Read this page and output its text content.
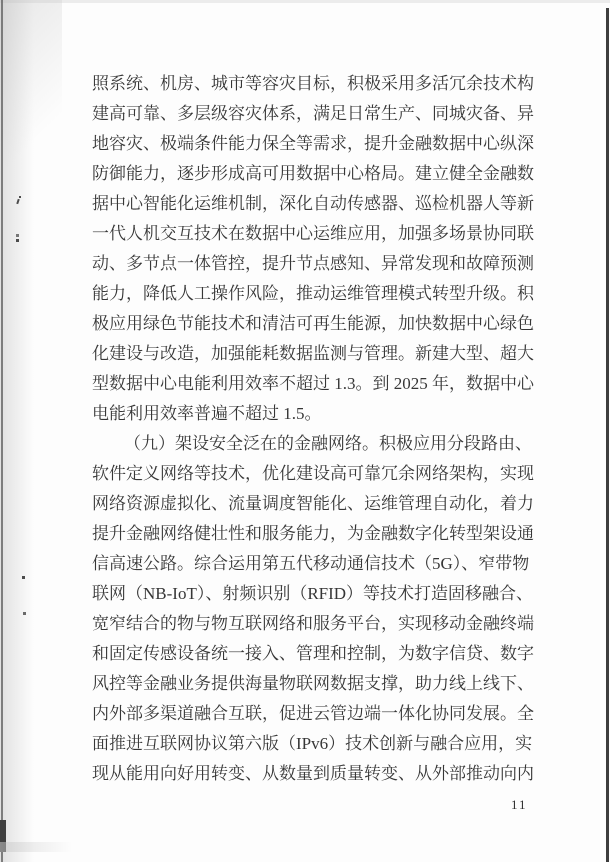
照系统、机房、城市等容灾目标，积极采用多活冗余技术构
建高可靠、多层级容灾体系，满足日常生产、同城灾备、异
地容灾、极端条件能力保全等需求，提升金融数据中心纵深
防御能力，逐步形成高可用数据中心格局。建立健全金融数
据中心智能化运维机制，深化自动传感器、巡检机器人等新
一代人机交互技术在数据中心运维应用，加强多场景协同联
动、多节点一体管控，提升节点感知、异常发现和故障预测
能力，降低人工操作风险，推动运维管理模式转型升级。积
极应用绿色节能技术和清洁可再生能源，加快数据中心绿色
化建设与改造，加强能耗数据监测与管理。新建大型、超大
型数据中心电能利用效率不超过 1.3。到 2025 年，数据中心
电能利用效率普遍不超过 1.5。
（九）架设安全泛在的金融网络。积极应用分段路由、
软件定义网络等技术，优化建设高可靠冗余网络架构，实现
网络资源虚拟化、流量调度智能化、运维管理自动化，着力
提升金融网络健壮性和服务能力，为金融数字化转型架设通
信高速公路。综合运用第五代移动通信技术（5G）、窄带物
联网（NB-IoT）、射频识别（RFID）等技术打造固移融合、
宽窄结合的物与物互联网络和服务平台，实现移动金融终端
和固定传感设备统一接入、管理和控制，为数字信贷、数字
风控等金融业务提供海量物联网数据支撑，助力线上线下、
内外部多渠道融合互联，促进云管边端一体化协同发展。全
面推进互联网协议第六版（IPv6）技术创新与融合应用，实
现从能用向好用转变、从数量到质量转变、从外部推动向内
11
